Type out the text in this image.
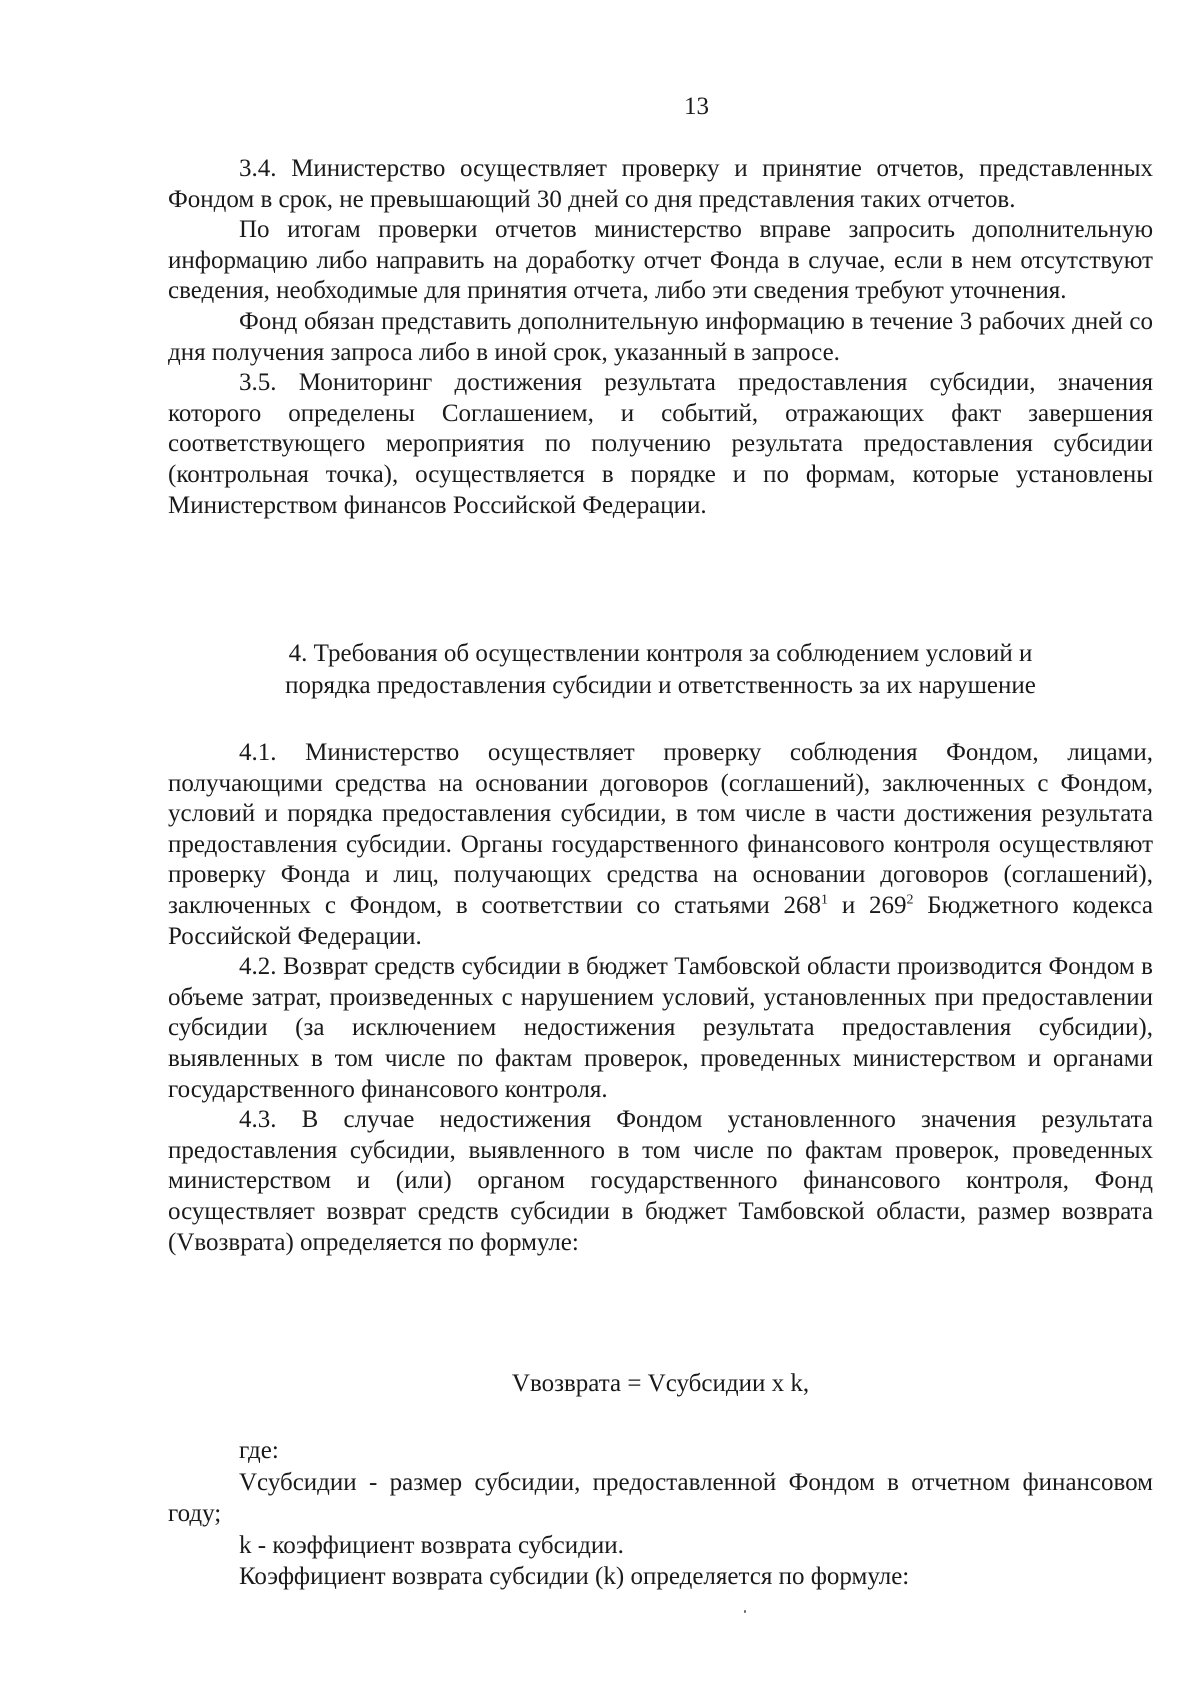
13

3.4. Министерство осуществляет проверку и принятие отчетов, представленных Фондом в срок, не превышающий 30 дней со дня представления таких отчетов.

По итогам проверки отчетов министерство вправе запросить дополнительную информацию либо направить на доработку отчет Фонда в случае, если в нем отсутствуют сведения, необходимые для принятия отчета, либо эти сведения требуют уточнения.

Фонд обязан представить дополнительную информацию в течение 3 рабочих дней со дня получения запроса либо в иной срок, указанный в запросе.

3.5. Мониторинг достижения результата предоставления субсидии, значения которого определены Соглашением, и событий, отражающих факт завершения соответствующего мероприятия по получению результата предоставления субсидии (контрольная точка), осуществляется в порядке и по формам, которые установлены Министерством финансов Российской Федерации.

4. Требования об осуществлении контроля за соблюдением условий и
порядка предоставления субсидии и ответственность за их нарушение

4.1. Министерство осуществляет проверку соблюдения Фондом, лицами, получающими средства на основании договоров (соглашений), заключенных с Фондом, условий и порядка предоставления субсидии, в том числе в части достижения результата предоставления субсидии. Органы государственного финансового контроля осуществляют проверку Фонда и лиц, получающих средства на основании договоров (соглашений), заключенных с Фондом, в соответствии со статьями $268^1$ и $269^2$ Бюджетного кодекса Российской Федерации.

4.2. Возврат средств субсидии в бюджет Тамбовской области производится Фондом в объеме затрат, произведенных с нарушением условий, установленных при предоставлении субсидии (за исключением недостижения результата предоставления субсидии), выявленных в том числе по фактам проверок, проведенных министерством и органами государственного финансового контроля.

4.3. В случае недостижения Фондом установленного значения результата предоставления субсидии, выявленного в том числе по фактам проверок, проведенных министерством и (или) органом государственного финансового контроля, Фонд осуществляет возврат средств субсидии в бюджет Тамбовской области, размер возврата (Vвозврата) определяется по формуле:

Vвозврата = Vсубсидии x k,

где:

Vсубсидии - размер субсидии, предоставленной Фондом в отчетном финансовом году;

k - коэффициент возврата субсидии.

Коэффициент возврата субсидии (k) определяется по формуле:
